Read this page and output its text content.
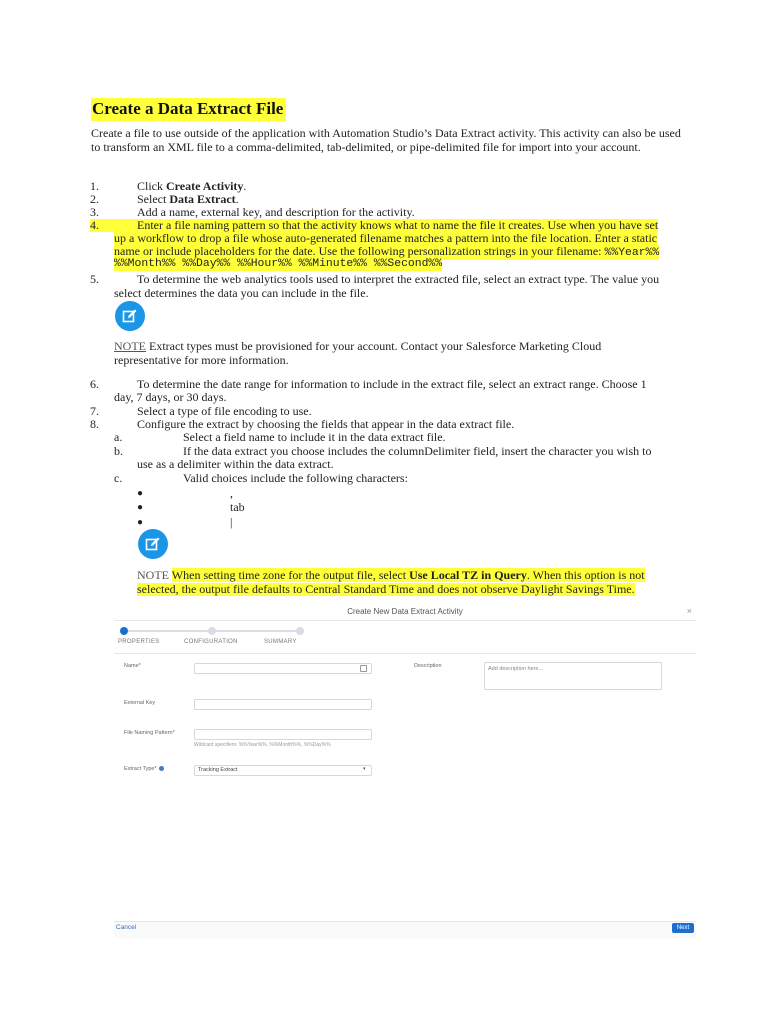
Create a Data Extract File
Create a file to use outside of the application with Automation Studio’s Data Extract activity. This activity can also be used to transform an XML file to a comma-delimited, tab-delimited, or pipe-delimited file for import into your account.
1.	Click Create Activity.
2.	Select Data Extract.
3.	Add a name, external key, and description for the activity.
4.	Enter a file naming pattern so that the activity knows what to name the file it creates. Use when you have set
up a workflow to drop a file whose auto-generated filename matches a pattern into the file location. Enter a static
name or include placeholders for the date. Use the following personalization strings in your filename: %%Year%%
%%Month%% %%Day%% %%Hour%% %%Minute%% %%Second%%
5.	To determine the web analytics tools used to interpret the extracted file, select an extract type. The value you
select determines the data you can include in the file.
NOTE Extract types must be provisioned for your account. Contact your Salesforce Marketing Cloud
representative for more information.
6.	To determine the date range for information to include in the extract file, select an extract range. Choose 1
day, 7 days, or 30 days.
7.	Select a type of file encoding to use.
8.	Configure the extract by choosing the fields that appear in the data extract file.
a.	Select a field name to include it in the data extract file.
b.	If the data extract you choose includes the columnDelimiter field, insert the character you wish to
use as a delimiter within the data extract.
c.	Valid choices include the following characters:
●	,
●	tab
●	|
NOTE When setting time zone for the output file, select Use Local TZ in Query. When this option is not
selected, the output file defaults to Central Standard Time and does not observe Daylight Savings Time.
Create New Data Extract Activity	×
PROPERTIES	CONFIGURATION	SUMMARY
Name*	Description	Add description here...
External Key
File Naming Pattern*
Wildcard specifiers: %%Year%%, %%Month%%, %%Day%%
Extract Type*	Tracking Extract	▾
Cancel	Next
